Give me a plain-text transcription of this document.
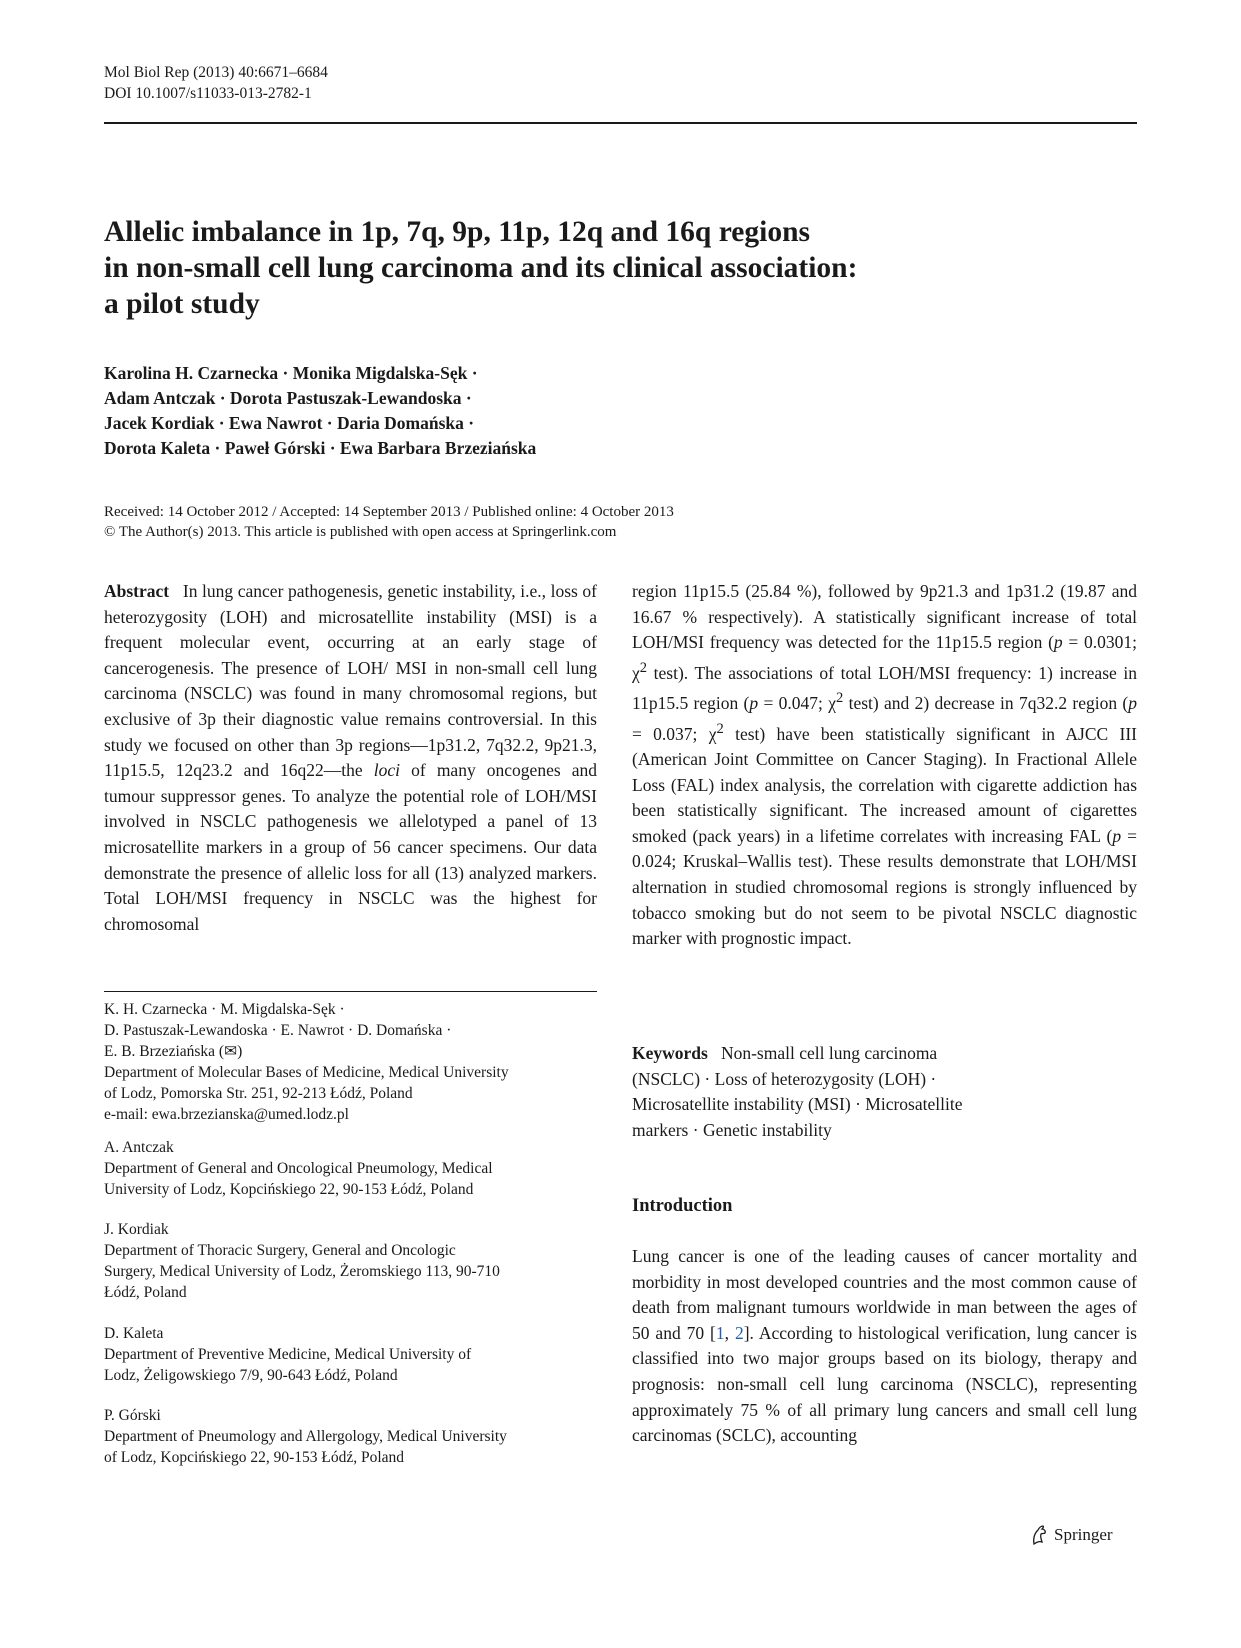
Mol Biol Rep (2013) 40:6671–6684
DOI 10.1007/s11033-013-2782-1
Allelic imbalance in 1p, 7q, 9p, 11p, 12q and 16q regions
in non-small cell lung carcinoma and its clinical association:
a pilot study
Karolina H. Czarnecka · Monika Migdalska-Sęk ·
Adam Antczak · Dorota Pastuszak-Lewandoska ·
Jacek Kordiak · Ewa Nawrot · Daria Domańska ·
Dorota Kaleta · Paweł Górski · Ewa Barbara Brzeziańska
Received: 14 October 2012 / Accepted: 14 September 2013 / Published online: 4 October 2013
© The Author(s) 2013. This article is published with open access at Springerlink.com

Abstract In lung cancer pathogenesis, genetic instability, i.e., loss of heterozygosity (LOH) and microsatellite instability (MSI) is a frequent molecular event, occurring at an early stage of cancerogenesis. The presence of LOH/ MSI in non-small cell lung carcinoma (NSCLC) was found in many chromosomal regions, but exclusive of 3p their diagnostic value remains controversial. In this study we focused on other than 3p regions—1p31.2, 7q32.2, 9p21.3, 11p15.5, 12q23.2 and 16q22—the loci of many oncogenes and tumour suppressor genes. To analyze the potential role of LOH/MSI involved in NSCLC pathogenesis we allelotyped a panel of 13 microsatellite markers in a group of 56 cancer specimens. Our data demonstrate the presence of allelic loss for all (13) analyzed markers. Total LOH/MSI frequency in NSCLC was the highest for chromosomal

region 11p15.5 (25.84 %), followed by 9p21.3 and 1p31.2 (19.87 and 16.67 % respectively). A statistically significant increase of total LOH/MSI frequency was detected for the 11p15.5 region (p = 0.0301; $\chi^2$ test). The associations of total LOH/MSI frequency: 1) increase in 11p15.5 region (p = 0.047; $\chi^2$ test) and 2) decrease in 7q32.2 region (p = 0.037; $\chi^2$ test) have been statistically significant in AJCC III (American Joint Committee on Cancer Staging). In Fractional Allele Loss (FAL) index analysis, the correlation with cigarette addiction has been statistically significant. The increased amount of cigarettes smoked (pack years) in a lifetime correlates with increasing FAL (p = 0.024; Kruskal–Wallis test). These results demonstrate that LOH/MSI alternation in studied chromosomal regions is strongly influenced by tobacco smoking but do not seem to be pivotal NSCLC diagnostic marker with prognostic impact.

Keywords Non-small cell lung carcinoma
(NSCLC) · Loss of heterozygosity (LOH) ·
Microsatellite instability (MSI) · Microsatellite
markers · Genetic instability
Introduction

Lung cancer is one of the leading causes of cancer mortality and morbidity in most developed countries and the most common cause of death from malignant tumours worldwide in man between the ages of 50 and 70 [1, 2]. According to histological verification, lung cancer is classified into two major groups based on its biology, therapy and prognosis: non-small cell lung carcinoma (NSCLC), representing approximately 75 % of all primary lung cancers and small cell lung carcinomas (SCLC), accounting

K. H. Czarnecka · M. Migdalska-Sęk ·
D. Pastuszak-Lewandoska · E. Nawrot · D. Domańska ·
E. B. Brzeziańska (✉)
Department of Molecular Bases of Medicine, Medical University
of Lodz, Pomorska Str. 251, 92-213 Łódź, Poland
e-mail: ewa.brzezianska@umed.lodz.pl
A. Antczak
Department of General and Oncological Pneumology, Medical
University of Lodz, Kopcińskiego 22, 90-153 Łódź, Poland
J. Kordiak
Department of Thoracic Surgery, General and Oncologic
Surgery, Medical University of Lodz, Żeromskiego 113, 90-710
Łódź, Poland
D. Kaleta
Department of Preventive Medicine, Medical University of
Lodz, Żeligowskiego 7/9, 90-643 Łódź, Poland
P. Górski
Department of Pneumology and Allergology, Medical University
of Lodz, Kopcińskiego 22, 90-153 Łódź, Poland
Springer
